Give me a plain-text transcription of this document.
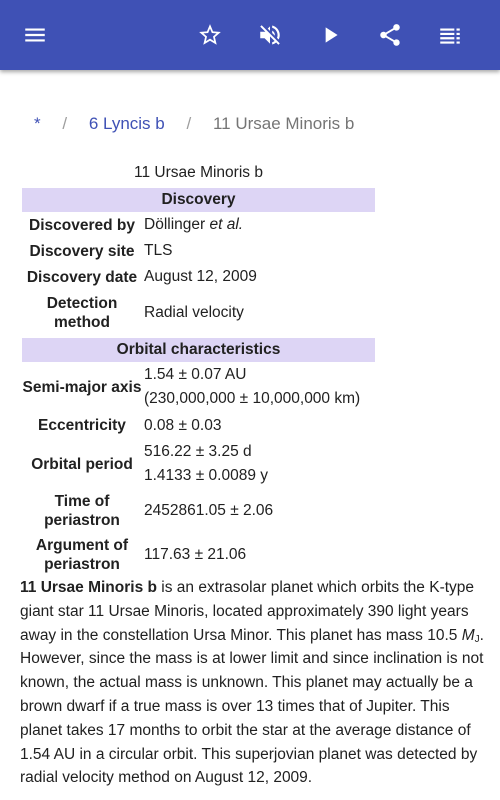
* / 6 Lyncis b / 11 Ursae Minoris b
11 Ursae Minoris b
Discovery
Discovered by Döllinger et al.
Discovery site TLS
Discovery date August 12, 2009
Detection method
Radial velocity
Orbital characteristics
Semi-major axis
1.54 ± 0.07 AU
(230,000,000 ± 10,000,000 km)
Eccentricity	0.08 ± 0.03
Orbital period
516.22 ± 3.25 d
1.4133 ± 0.0089 y
Time of periastron
2452861.05 ± 2.06
Argument of periastron
117.63 ± 21.06
11 Ursae Minoris b is an extrasolar planet which orbits the K-type giant star 11 Ursae Minoris, located approximately 390 light years away in the constellation Ursa Minor. This planet has mass 10.5 $M_J$. However, since the mass is at lower limit and since inclination is not known, the actual mass is unknown. This planet may actually be a brown dwarf if a true mass is over 13 times that of Jupiter. This planet takes 17 months to orbit the star at the average distance of 1.54 AU in a circular orbit. This superjovian planet was detected by radial velocity method on August 12, 2009.
